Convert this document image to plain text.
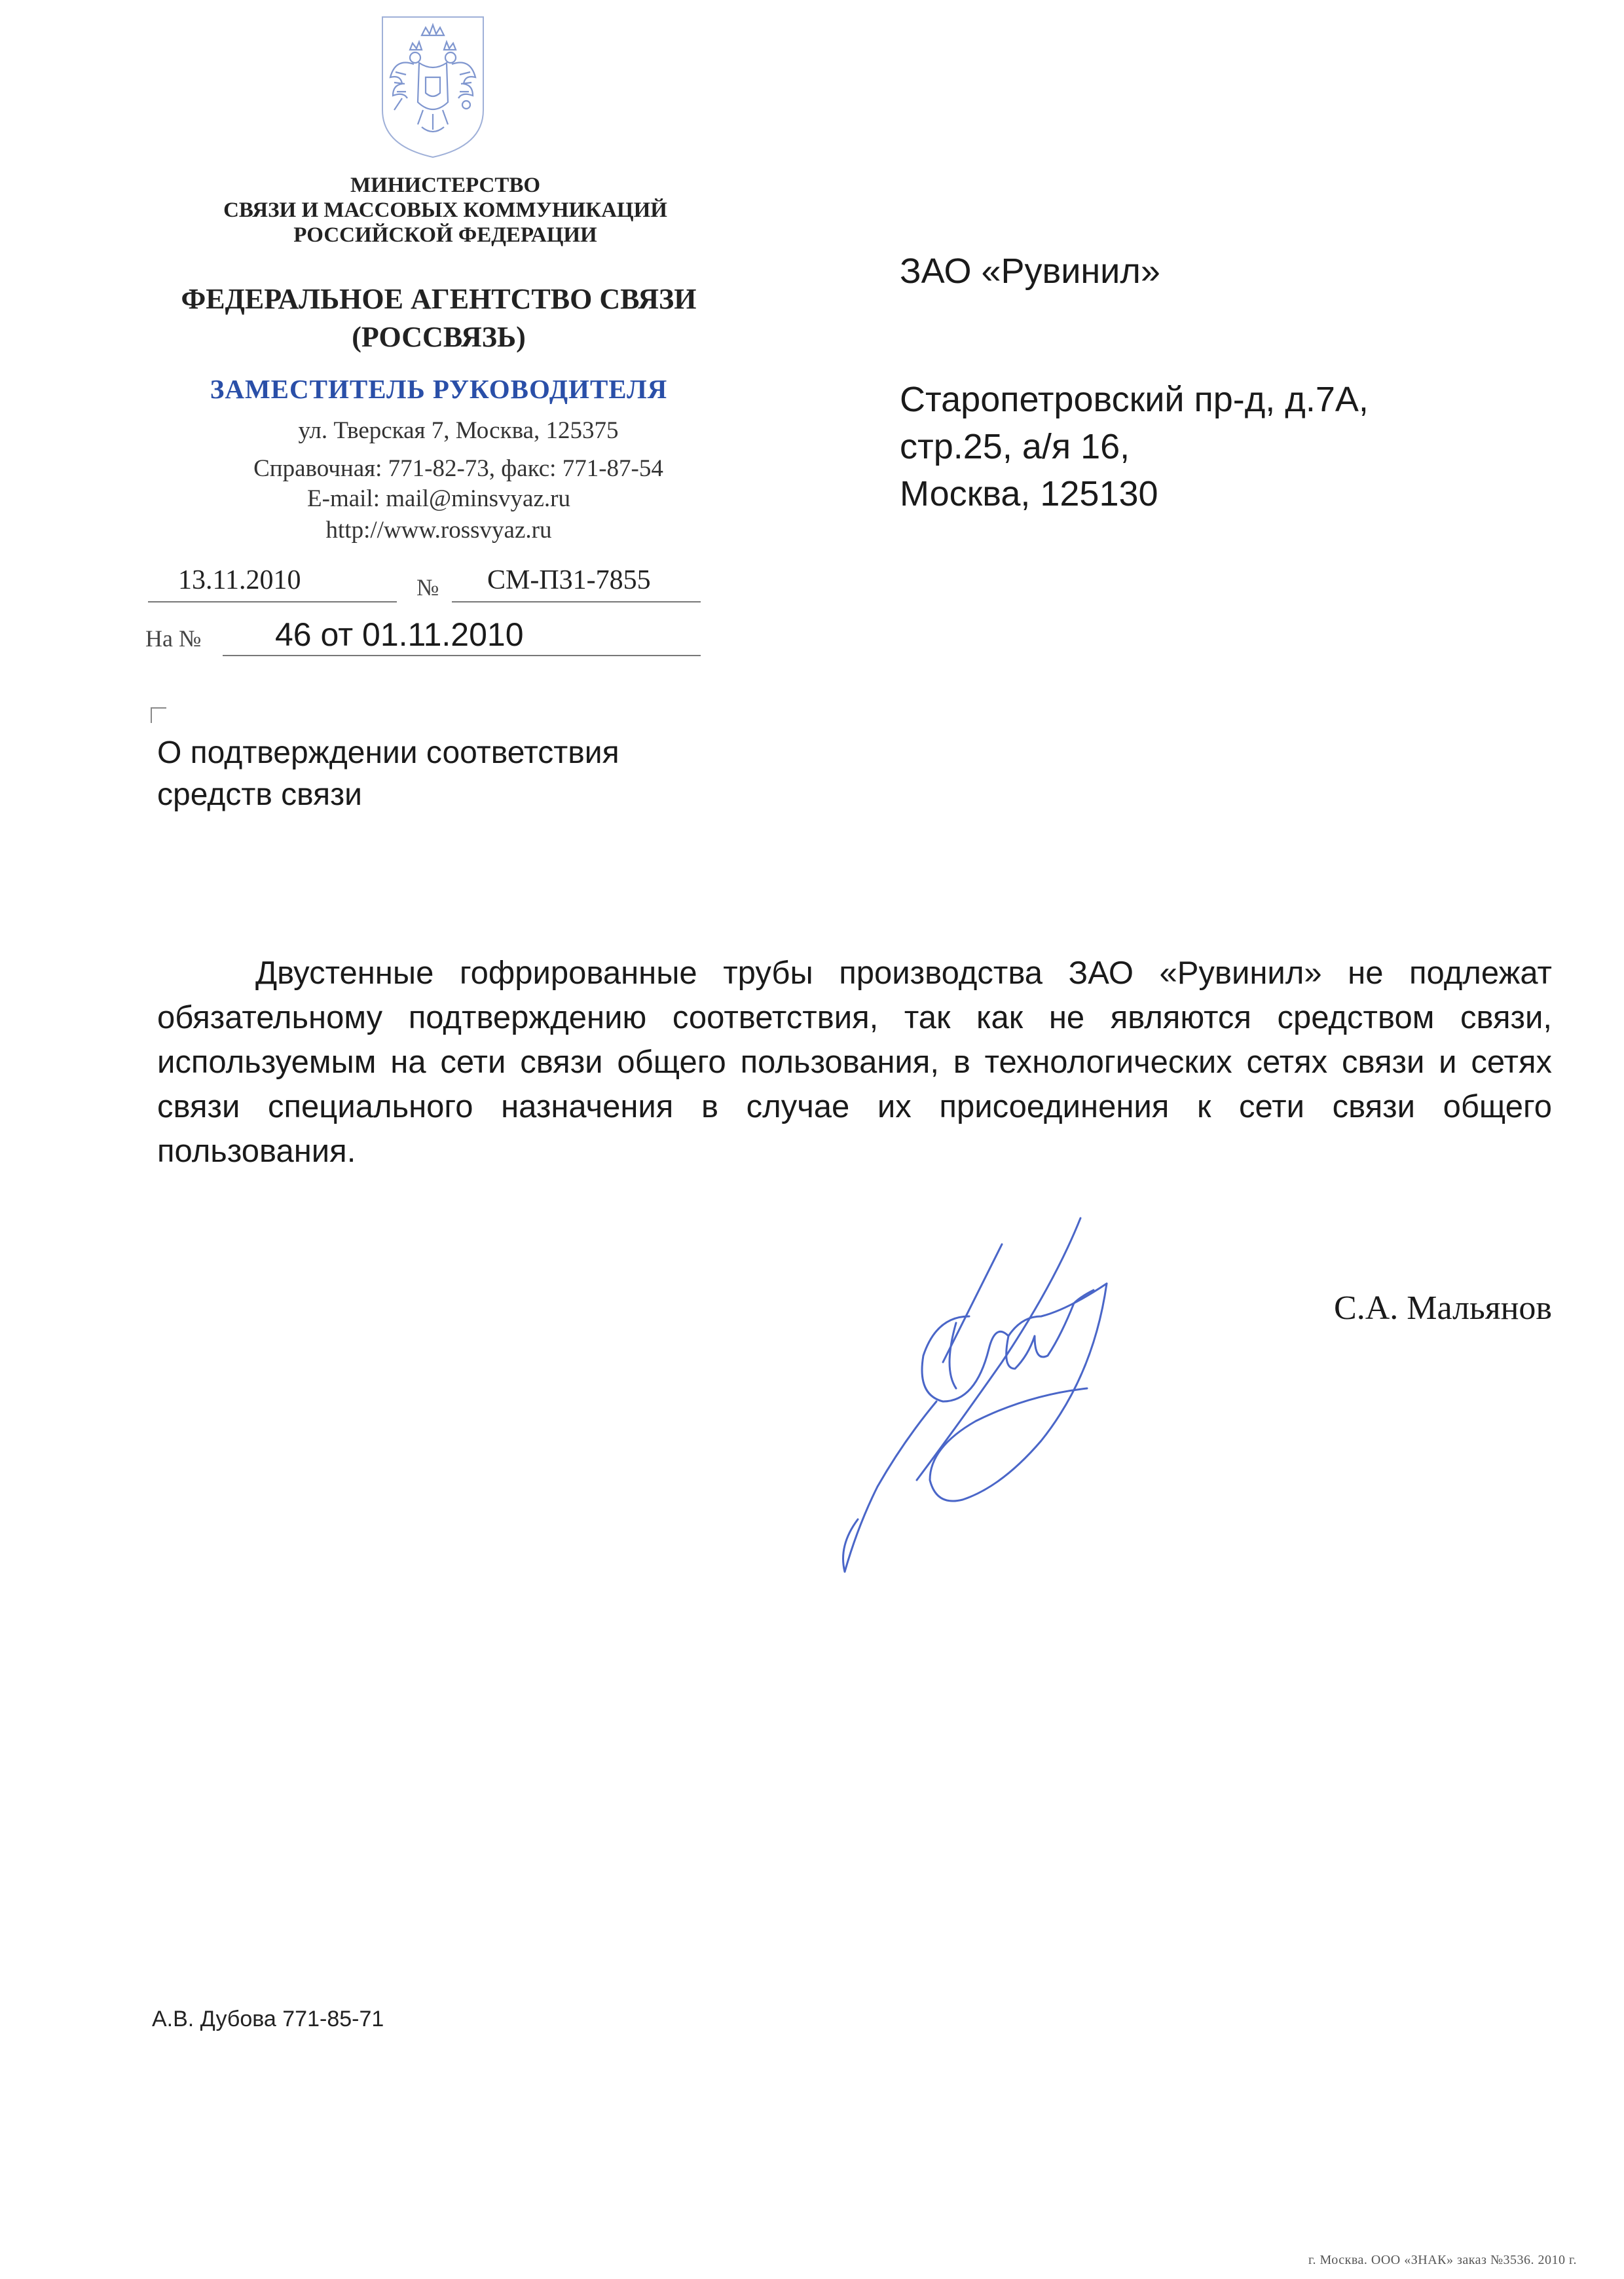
МИНИСТЕРСТВО
СВЯЗИ И МАССОВЫХ КОММУНИКАЦИЙ
РОССИЙСКОЙ ФЕДЕРАЦИИ
ФЕДЕРАЛЬНОЕ АГЕНТСТВО СВЯЗИ
(РОССВЯЗЬ)
ЗАМЕСТИТЕЛЬ РУКОВОДИТЕЛЯ
ул. Тверская 7, Москва, 125375
Справочная: 771-82-73, факс: 771-87-54
E-mail: mail@minsvyaz.ru
http://www.rossvyaz.ru
13.11.2010	№ СМ-П31-7855
На № 46 от 01.11.2010
ЗАО «Рувинил»
Старопетровский пр-д, д.7А,
стр.25, а/я 16,
Москва, 125130
О подтверждении соответствия
средств связи
Двустенные гофрированные трубы производства ЗАО «Рувинил» не подлежат обязательному подтверждению соответствия, так как не являются средством связи, используемым на сети связи общего пользования, в технологических сетях связи и сетях связи специального назначения в случае их присоединения к сети связи общего пользования.
С.А. Мальянов
А.В. Дубова 771-85-71
г. Москва. ООО «ЗНАК» заказ №3536. 2010 г.
